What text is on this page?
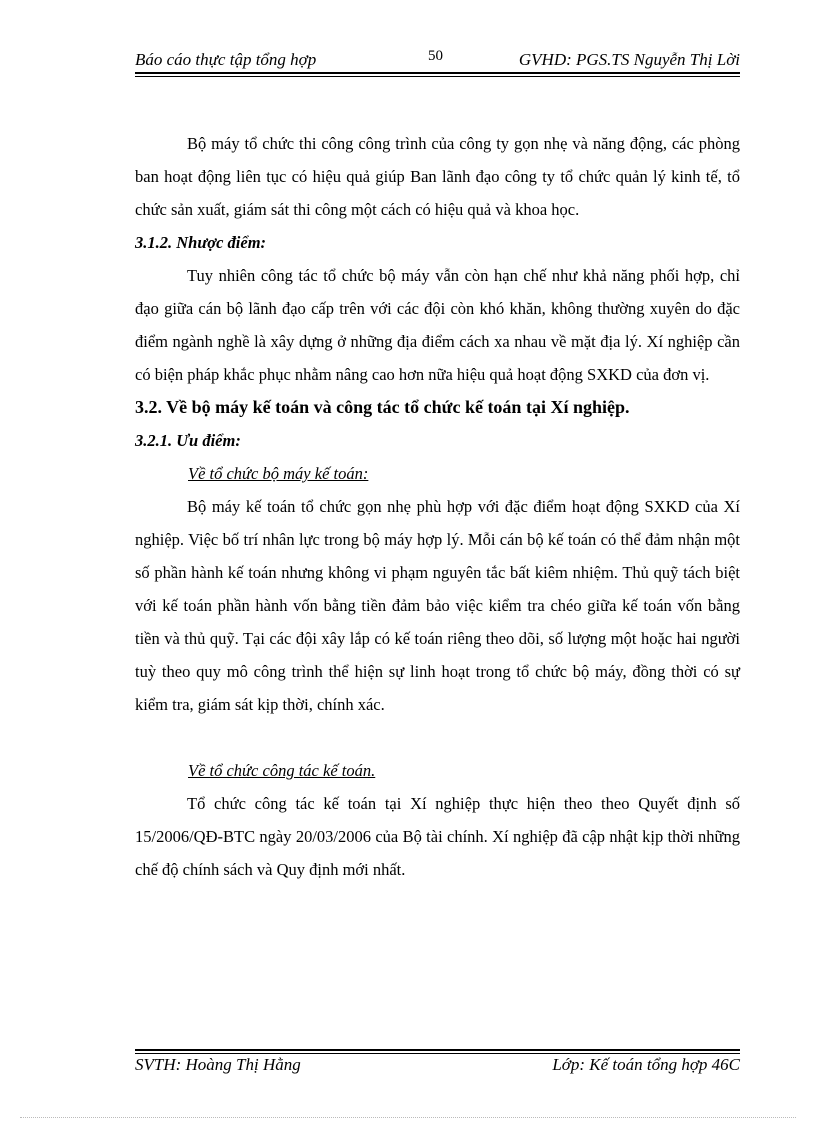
Báo cáo thực tập tổng hợp	50	GVHD: PGS.TS Nguyễn Thị Lời

Bộ máy tổ chức thi công công trình của công ty gọn nhẹ và năng động, các phòng ban hoạt động liên tục có hiệu quả giúp Ban lãnh đạo công ty tổ chức quản lý kinh tế, tổ chức sản xuất, giám sát thi công một cách có hiệu quả và khoa học.

3.1.2. Nhược điểm:

Tuy nhiên công tác tổ chức bộ máy vẫn còn hạn chế như khả năng phối hợp, chỉ đạo giữa cán bộ lãnh đạo cấp trên với các đội còn khó khăn, không thường xuyên do đặc điểm ngành nghề là xây dựng ở những địa điểm cách xa nhau về mặt địa lý. Xí nghiệp cần có biện pháp khắc phục nhằm nâng cao hơn nữa hiệu quả hoạt động SXKD của đơn vị.

3.2. Về bộ máy kế toán và công tác tổ chức kế toán tại Xí nghiệp.

3.2.1. Ưu điểm:

Về tổ chức bộ máy kế toán:

Bộ máy kế toán tổ chức gọn nhẹ phù hợp với đặc điểm hoạt động SXKD của Xí nghiệp. Việc bố trí nhân lực trong bộ máy hợp lý. Mỗi cán bộ kế toán có thể đảm nhận một số phần hành kế toán nhưng không vi phạm nguyên tắc bất kiêm nhiệm. Thủ quỹ tách biệt với kế toán phần hành vốn bằng tiền đảm bảo việc kiểm tra chéo giữa kế toán vốn bằng tiền và thủ quỹ. Tại các đội xây lắp có kế toán riêng theo dõi, số lượng một hoặc hai người tuỳ theo quy mô công trình thể hiện sự linh hoạt trong tổ chức bộ máy, đồng thời có sự kiểm tra, giám sát kịp thời, chính xác.

Về tổ chức công tác kế toán.

Tổ chức công tác kế toán tại Xí nghiệp thực hiện theo theo Quyết định số 15/2006/QĐ-BTC ngày 20/03/2006 của Bộ tài chính. Xí nghiệp đã cập nhật kịp thời những chế độ chính sách và Quy định mới nhất.

SVTH: Hoàng Thị Hằng	Lớp: Kế toán tổng hợp 46C
